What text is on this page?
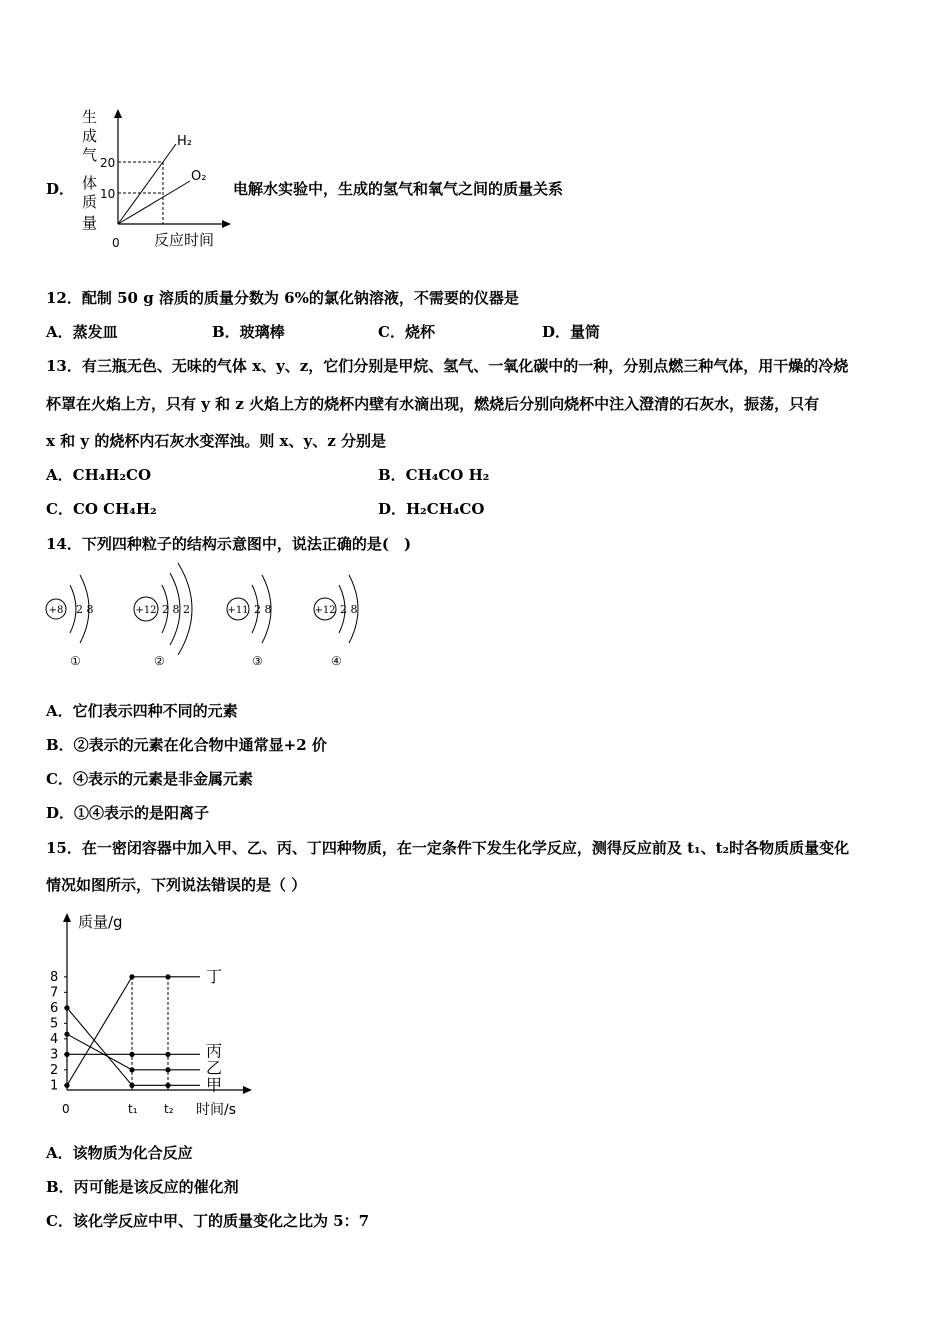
D．
生
成
气
体
质
量
20
10
H₂
O₂
0 反应时间
电解水实验中，生成的氢气和氧气之间的质量关系
12．配制 50 g 溶质的质量分数为 6%的氯化钠溶液，不需要的仪器是
A．蒸发皿	B．玻璃棒	C．烧杯	D．量筒
13．有三瓶无色、无味的气体 x、y、z，它们分别是甲烷、氢气、一氧化碳中的一种，分别点燃三种气体，用干燥的冷烧
杯罩在火焰上方，只有 y 和 z 火焰上方的烧杯内壁有水滴出现，燃烧后分别向烧杯中注入澄清的石灰水，振荡，只有
x 和 y 的烧杯内石灰水变浑浊。则 x、y、z 分别是
A．CH₄H₂CO	B．CH₄CO H₂
C．CO CH₄H₂	D．H₂CH₄CO
14．下列四种粒子的结构示意图中，说法正确的是(　)
+8 2 8
①
+12 2 8 2
②
+11 2 8
③
+12 2 8
④
A．它们表示四种不同的元素
B．②表示的元素在化合物中通常显+2 价
C．④表示的元素是非金属元素
D．①④表示的是阳离子
15．在一密闭容器中加入甲、乙、丙、丁四种物质，在一定条件下发生化学反应，测得反应前及 t₁、t₂时各物质质量变化
情况如图所示，下列说法错误的是（ ）
质量/g
时间/s
0
1
2
3
4
5
6
7
8
t₁ t₂
丁
丙
乙
甲
A．该物质为化合反应
B．丙可能是该反应的催化剂
C．该化学反应中甲、丁的质量变化之比为 5：7
